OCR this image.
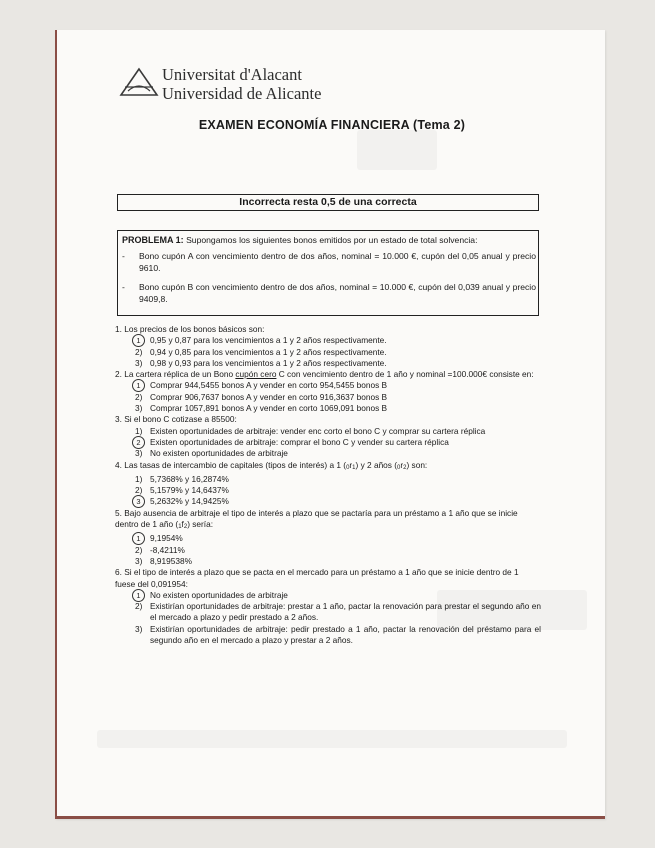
Universitat d'Alacant
Universidad de Alicante
EXAMEN ECONOMÍA FINANCIERA (Tema 2)
Incorrecta resta 0,5 de una correcta
PROBLEMA 1: Supongamos los siguientes bonos emitidos por un estado de total solvencia:
- Bono cupón A con vencimiento dentro de dos años, nominal = 10.000 €, cupón del 0,05 anual y precio 9610.
- Bono cupón B con vencimiento dentro de dos años, nominal = 10.000 €, cupón del 0,039 anual y precio 9409,8.
1. Los precios de los bonos básicos son:
1	0,95 y 0,87 para los vencimientos a 1 y 2 años respectivamente.
2) 0,94 y 0,85 para los vencimientos a 1 y 2 años respectivamente.
3) 0,98 y 0,93 para los vencimientos a 1 y 2 años respectivamente.
2. La cartera réplica de un Bono cupón cero C con vencimiento dentro de 1 año y nominal =100.000€ consiste en:
1	Comprar 944,5455 bonos A y vender en corto 954,5455 bonos B
2) Comprar 906,7637 bonos A y vender en corto 916,3637 bonos B
3) Comprar 1057,891 bonos A y vender en corto 1069,091 bonos B
3. Si el bono C cotizase a 85500:
1) Existen oportunidades de arbitraje: vender enc corto el bono C y comprar su cartera réplica
2	Existen oportunidades de arbitraje: comprar el bono C y vender su cartera réplica
3) No existen oportunidades de arbitraje
4. Las tasas de intercambio de capitales (tipos de interés) a 1 (0r1) y 2 años (0r2) son:
1) 5,7368% y 16,2874%
2) 5,1579% y 14,6437%
3	5,2632% y 14,9425%
5. Bajo ausencia de arbitraje el tipo de interés a plazo que se pactaría para un préstamo a 1 año que se inicie dentro de 1 año (1f2) sería:
1	9,1954%
2) -8,4211%
3) 8,919538%
6. Si el tipo de interés a plazo que se pacta en el mercado para un préstamo a 1 año que se inicie dentro de 1 fuese del 0,091954:
1	No existen oportunidades de arbitraje
2) Existirían oportunidades de arbitraje: prestar a 1 año, pactar la renovación para prestar el segundo año en el mercado a plazo y pedir prestado a 2 años.
3) Existirían oportunidades de arbitraje: pedir prestado a 1 año, pactar la renovación del préstamo para el segundo año en el mercado a plazo y prestar a 2 años.
